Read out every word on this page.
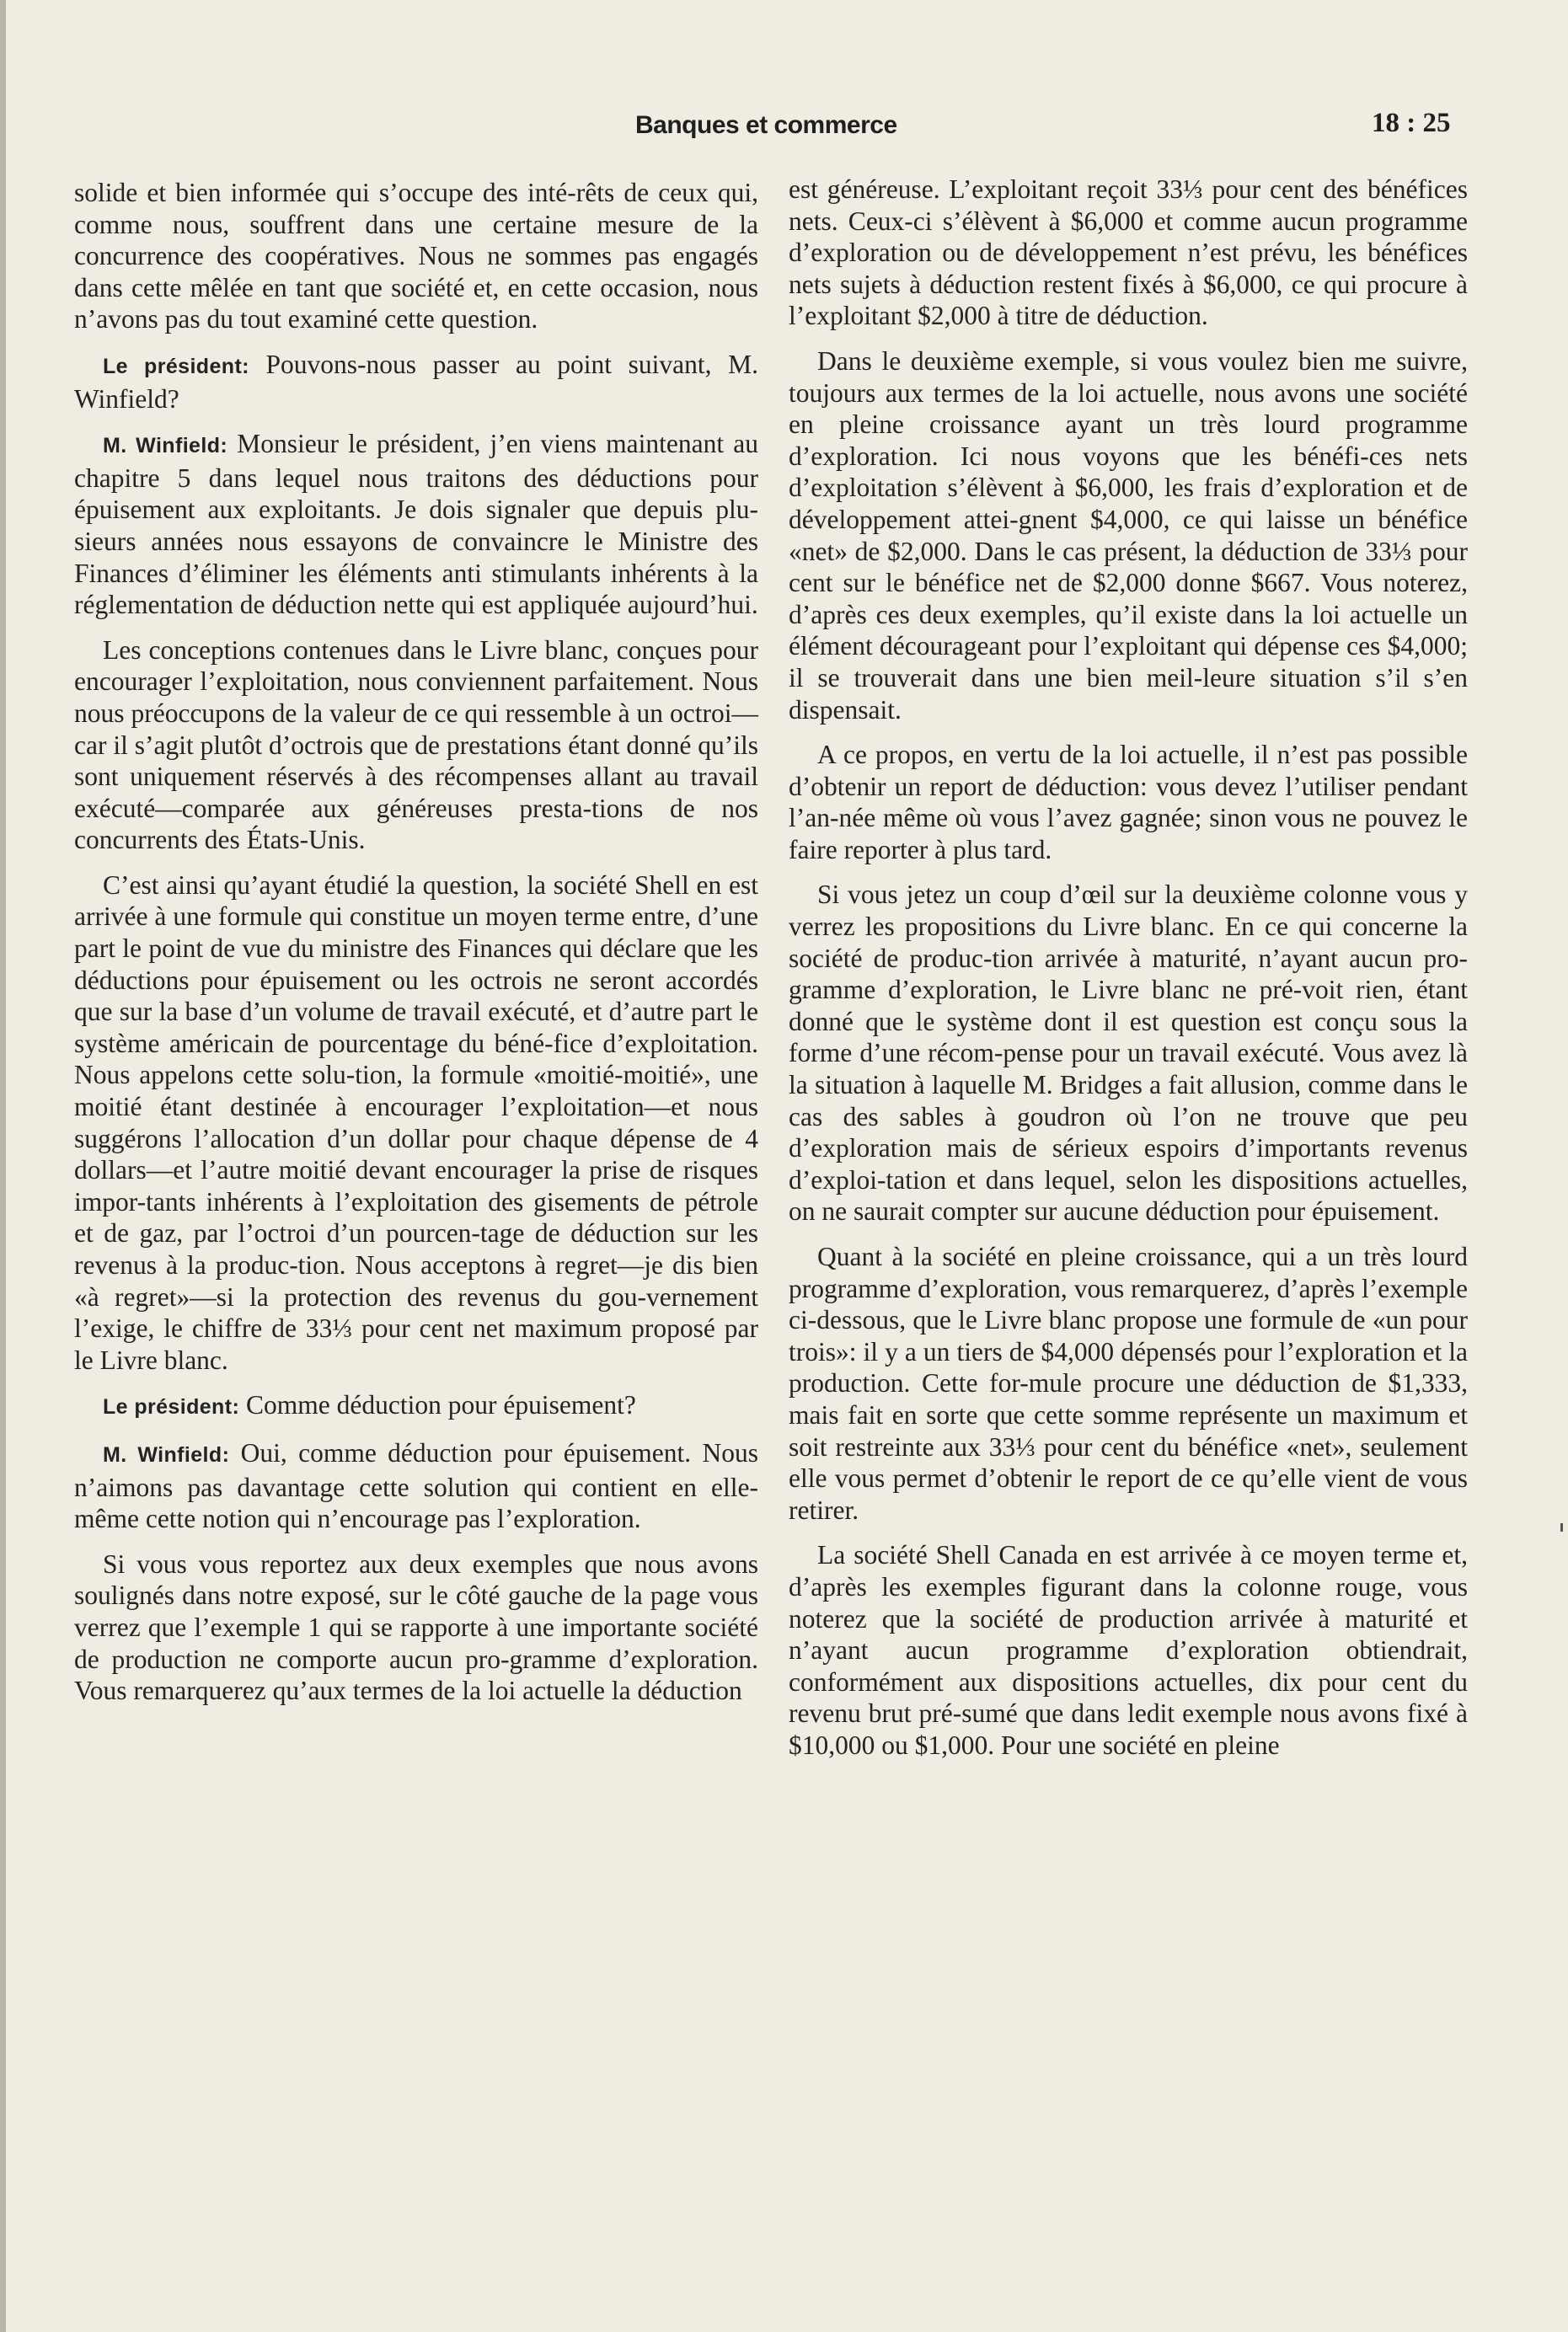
Banques et commerce	18 : 25

solide et bien informée qui s’occupe des inté-rêts de ceux qui, comme nous, souffrent dans une certaine mesure de la concurrence des coopératives. Nous ne sommes pas engagés dans cette mêlée en tant que société et, en cette occasion, nous n’avons pas du tout examiné cette question.

Le président: Pouvons-nous passer au point suivant, M. Winfield?

M. Winfield: Monsieur le président, j’en viens maintenant au chapitre 5 dans lequel nous traitons des déductions pour épuisement aux exploitants. Je dois signaler que depuis plu-sieurs années nous essayons de convaincre le Ministre des Finances d’éliminer les éléments anti stimulants inhérents à la réglementation de déduction nette qui est appliquée aujourd’hui.

Les conceptions contenues dans le Livre blanc, conçues pour encourager l’exploitation, nous conviennent parfaitement. Nous nous préoccupons de la valeur de ce qui ressemble à un octroi—car il s’agit plutôt d’octrois que de prestations étant donné qu’ils sont uniquement réservés à des récompenses allant au travail exécuté—comparée aux généreuses presta-tions de nos concurrents des États-Unis.

C’est ainsi qu’ayant étudié la question, la société Shell en est arrivée à une formule qui constitue un moyen terme entre, d’une part le point de vue du ministre des Finances qui déclare que les déductions pour épuisement ou les octrois ne seront accordés que sur la base d’un volume de travail exécuté, et d’autre part le système américain de pourcentage du béné-fice d’exploitation. Nous appelons cette solu-tion, la formule «moitié-moitié», une moitié étant destinée à encourager l’exploitation—et nous suggérons l’allocation d’un dollar pour chaque dépense de 4 dollars—et l’autre moitié devant encourager la prise de risques impor-tants inhérents à l’exploitation des gisements de pétrole et de gaz, par l’octroi d’un pourcen-tage de déduction sur les revenus à la produc-tion. Nous acceptons à regret—je dis bien «à regret»—si la protection des revenus du gou-vernement l’exige, le chiffre de 33⅓ pour cent net maximum proposé par le Livre blanc.

Le président: Comme déduction pour épuisement?

M. Winfield: Oui, comme déduction pour épuisement. Nous n’aimons pas davantage cette solution qui contient en elle-même cette notion qui n’encourage pas l’exploration.

Si vous vous reportez aux deux exemples que nous avons soulignés dans notre exposé, sur le côté gauche de la page vous verrez que l’exemple 1 qui se rapporte à une importante société de production ne comporte aucun pro-gramme d’exploration. Vous remarquerez qu’aux termes de la loi actuelle la déduction

est généreuse. L’exploitant reçoit 33⅓ pour cent des bénéfices nets. Ceux-ci s’élèvent à $6,000 et comme aucun programme d’exploration ou de développement n’est prévu, les bénéfices nets sujets à déduction restent fixés à $6,000, ce qui procure à l’exploitant $2,000 à titre de déduction.

Dans le deuxième exemple, si vous voulez bien me suivre, toujours aux termes de la loi actuelle, nous avons une société en pleine croissance ayant un très lourd programme d’exploration. Ici nous voyons que les bénéfi-ces nets d’exploitation s’élèvent à $6,000, les frais d’exploration et de développement attei-gnent $4,000, ce qui laisse un bénéfice «net» de $2,000. Dans le cas présent, la déduction de 33⅓ pour cent sur le bénéfice net de $2,000 donne $667. Vous noterez, d’après ces deux exemples, qu’il existe dans la loi actuelle un élément décourageant pour l’exploitant qui dépense ces $4,000; il se trouverait dans une bien meil-leure situation s’il s’en dispensait.

A ce propos, en vertu de la loi actuelle, il n’est pas possible d’obtenir un report de déduction: vous devez l’utiliser pendant l’an-née même où vous l’avez gagnée; sinon vous ne pouvez le faire reporter à plus tard.

Si vous jetez un coup d’œil sur la deuxième colonne vous y verrez les propositions du Livre blanc. En ce qui concerne la société de produc-tion arrivée à maturité, n’ayant aucun pro-gramme d’exploration, le Livre blanc ne pré-voit rien, étant donné que le système dont il est question est conçu sous la forme d’une récom-pense pour un travail exécuté. Vous avez là la situation à laquelle M. Bridges a fait allusion, comme dans le cas des sables à goudron où l’on ne trouve que peu d’exploration mais de sérieux espoirs d’importants revenus d’exploi-tation et dans lequel, selon les dispositions actuelles, on ne saurait compter sur aucune déduction pour épuisement.

Quant à la société en pleine croissance, qui a un très lourd programme d’exploration, vous remarquerez, d’après l’exemple ci-dessous, que le Livre blanc propose une formule de «un pour trois»: il y a un tiers de $4,000 dépensés pour l’exploration et la production. Cette for-mule procure une déduction de $1,333, mais fait en sorte que cette somme représente un maximum et soit restreinte aux 33⅓ pour cent du bénéfice «net», seulement elle vous permet d’obtenir le report de ce qu’elle vient de vous retirer.

La société Shell Canada en est arrivée à ce moyen terme et, d’après les exemples figurant dans la colonne rouge, vous noterez que la société de production arrivée à maturité et n’ayant aucun programme d’exploration obtiendrait, conformément aux dispositions actuelles, dix pour cent du revenu brut pré-sumé que dans ledit exemple nous avons fixé à $10,000 ou $1,000. Pour une société en pleine
